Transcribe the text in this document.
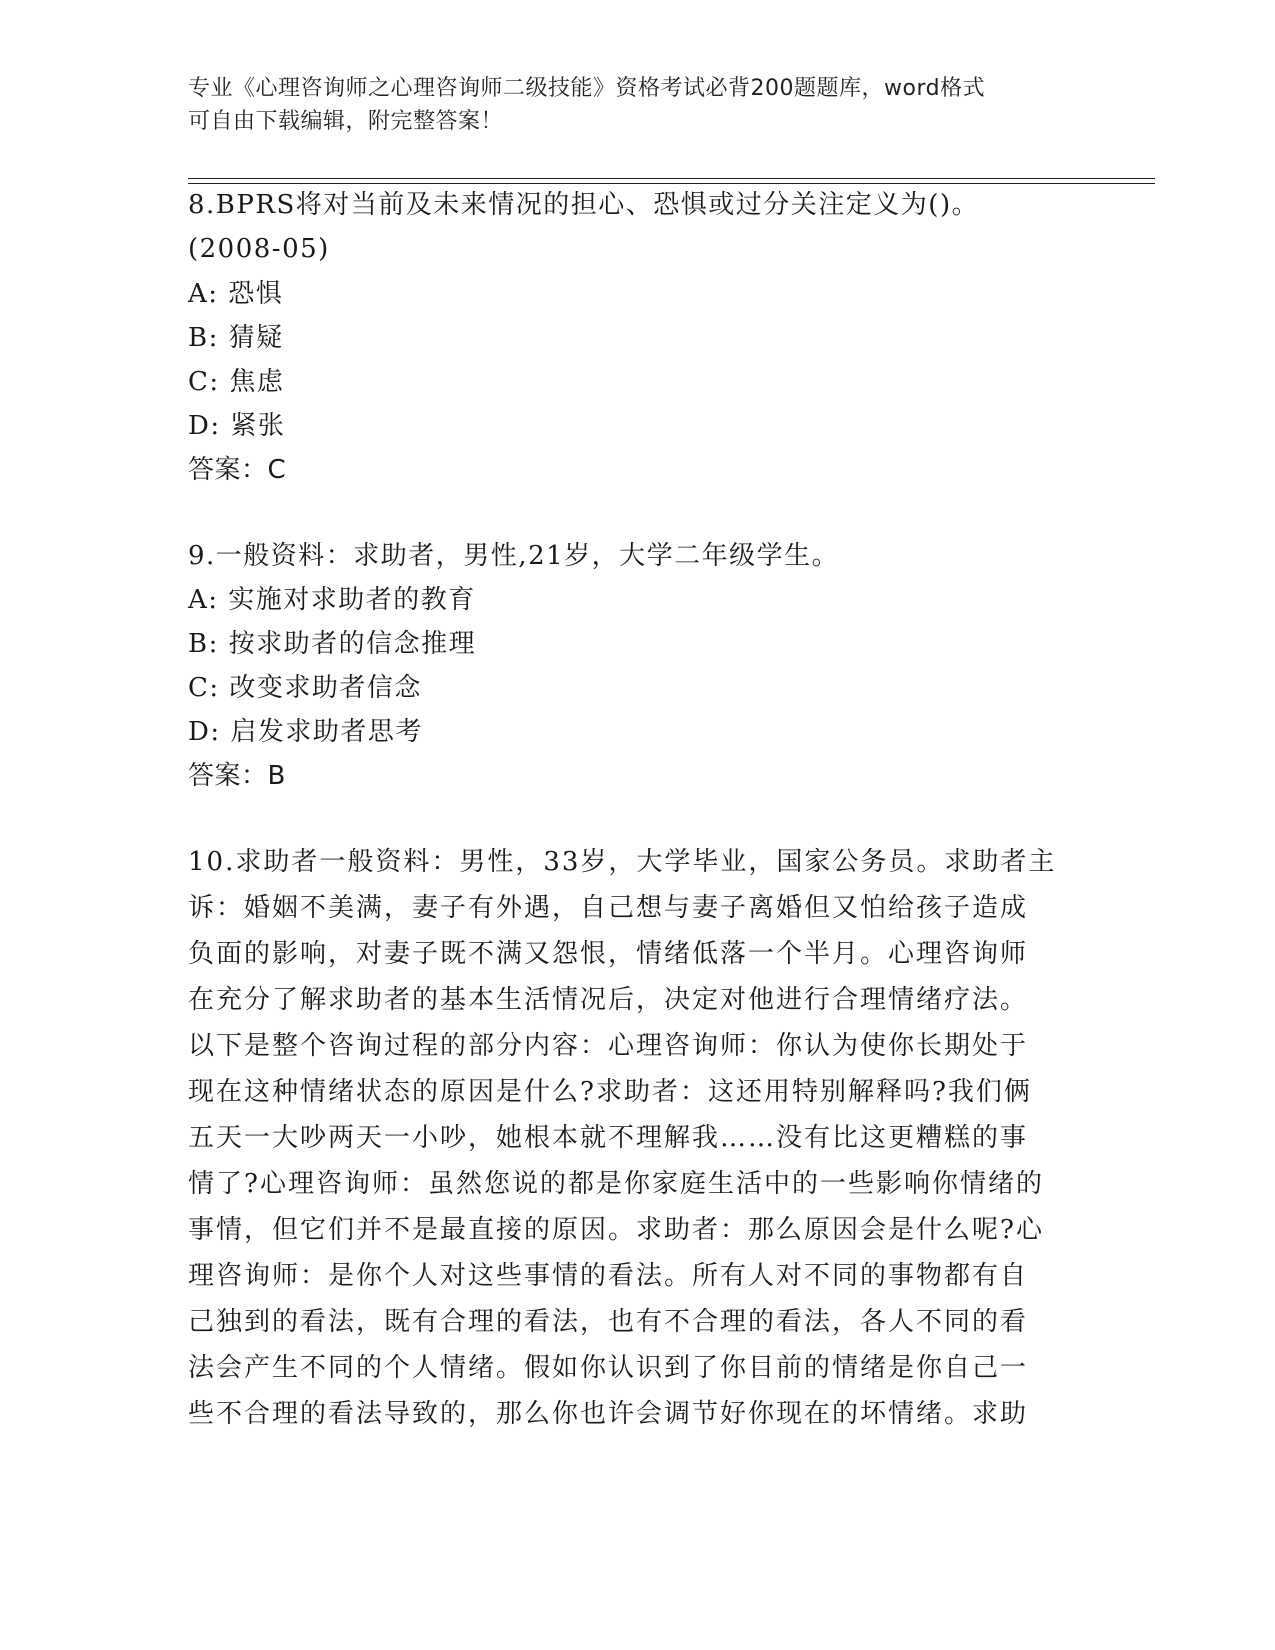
专业《心理咨询师之心理咨询师二级技能》资格考试必背200题题库，word格式
可自由下载编辑，附完整答案！
8.BPRS将对当前及未来情况的担心、恐惧或过分关注定义为()。
(2008-05)
A: 恐惧
B: 猜疑
C: 焦虑
D: 紧张
答案：C
9.一般资料：求助者，男性,21岁，大学二年级学生。
A: 实施对求助者的教育
B: 按求助者的信念推理
C: 改变求助者信念
D: 启发求助者思考
答案：B
10.求助者一般资料：男性，33岁，大学毕业，国家公务员。求助者主
诉：婚姻不美满，妻子有外遇，自己想与妻子离婚但又怕给孩子造成
负面的影响，对妻子既不满又怨恨，情绪低落一个半月。心理咨询师
在充分了解求助者的基本生活情况后，决定对他进行合理情绪疗法。
以下是整个咨询过程的部分内容：心理咨询师：你认为使你长期处于
现在这种情绪状态的原因是什么?求助者：这还用特别解释吗?我们俩
五天一大吵两天一小吵，她根本就不理解我……没有比这更糟糕的事
情了?心理咨询师：虽然您说的都是你家庭生活中的一些影响你情绪的
事情，但它们并不是最直接的原因。求助者：那么原因会是什么呢?心
理咨询师：是你个人对这些事情的看法。所有人对不同的事物都有自
己独到的看法，既有合理的看法，也有不合理的看法，各人不同的看
法会产生不同的个人情绪。假如你认识到了你目前的情绪是你自己一
些不合理的看法导致的，那么你也许会调节好你现在的坏情绪。求助
